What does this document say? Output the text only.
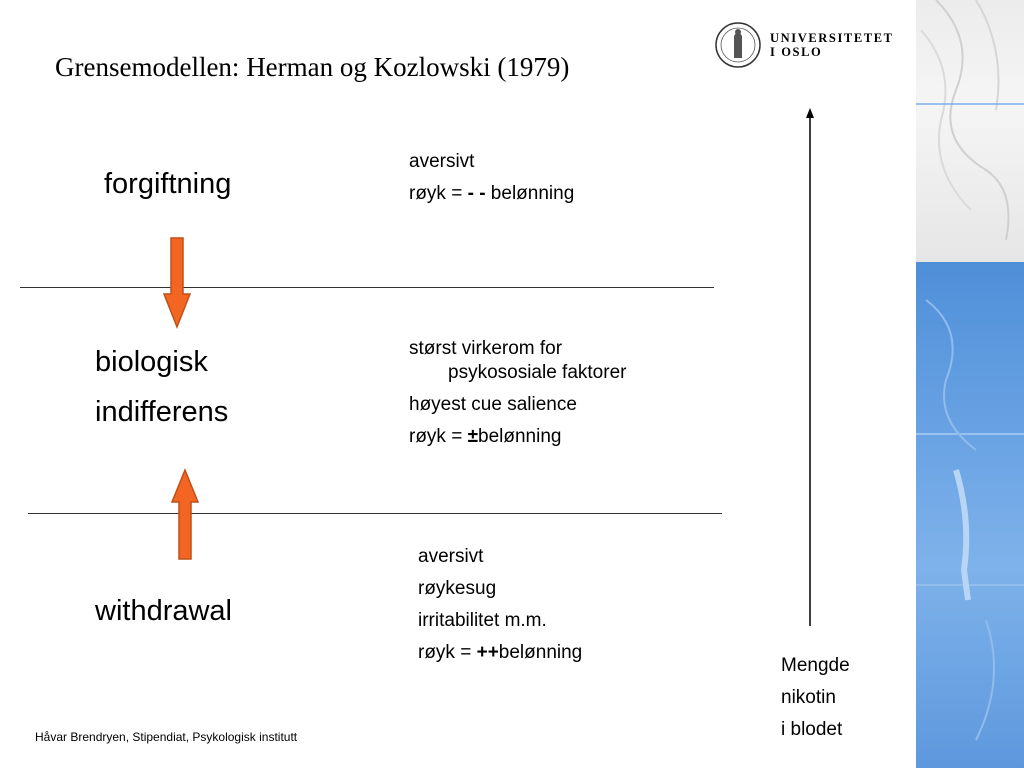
Grensemodellen: Herman og Kozlowski (1979)
UNIVERSITETET
I OSLO
forgiftning
biologisk
indifferens
withdrawal
aversivt
røyk = - - belønning
størst virkerom for
psykososiale faktorer
høyest cue salience
røyk = ±belønning
aversivt
røykesug
irritabilitet m.m.
røyk = ++belønning
Mengde
nikotin
i blodet
Håvar Brendryen, Stipendiat, Psykologisk institutt
